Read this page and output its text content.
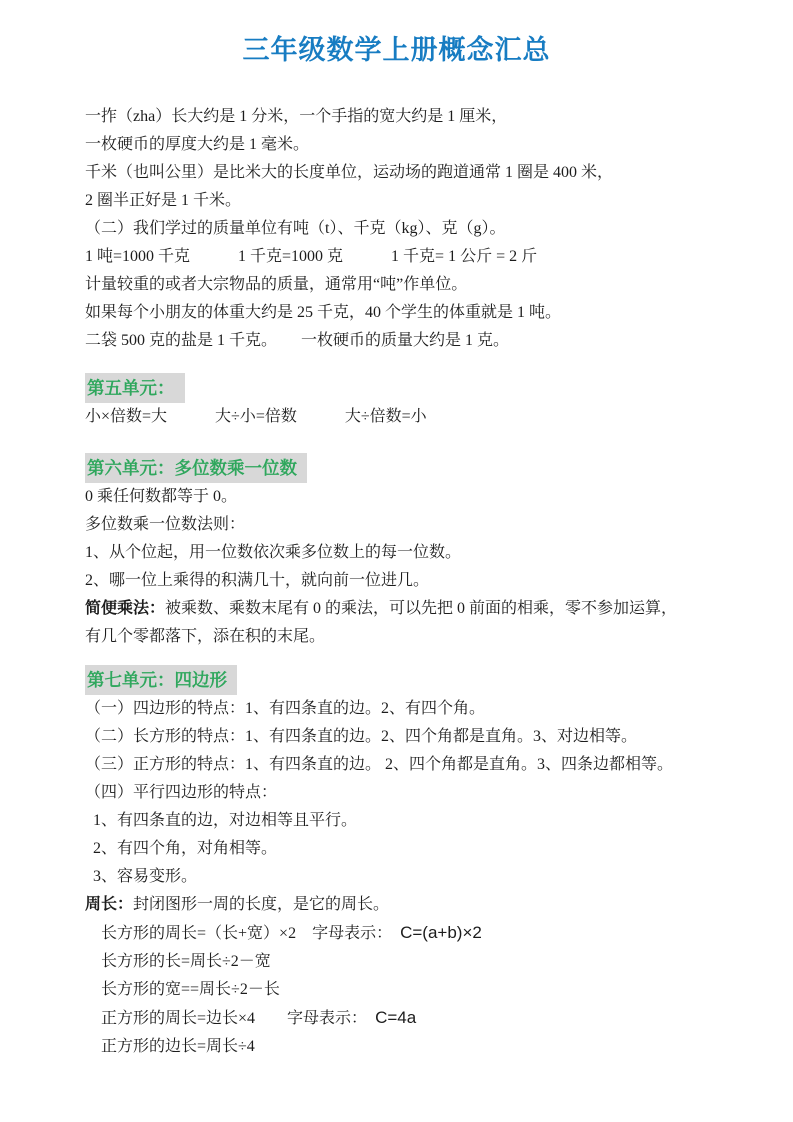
三年级数学上册概念汇总

一拃（zha）长大约是 1 分米，一个手指的宽大约是 1 厘米，

一枚硬币的厚度大约是 1 毫米。

千米（也叫公里）是比米大的长度单位，运动场的跑道通常 1 圈是 400 米，

2 圈半正好是 1 千米。

（二）我们学过的质量单位有吨（t）、千克（kg）、克（g）。

1 吨=1000 千克　　　1 千克=1000 克　　　1 千克= 1 公斤 = 2 斤

计量较重的或者大宗物品的质量，通常用“吨”作单位。

如果每个小朋友的体重大约是 25 千克，40 个学生的体重就是 1 吨。

二袋 500 克的盐是 1 千克。　　一枚硬币的质量大约是 1 克。

第五单元：

小×倍数=大　　　大÷小=倍数　　　大÷倍数=小

第六单元：多位数乘一位数

0 乘任何数都等于 0。

多位数乘一位数法则：

1、从个位起，用一位数依次乘多位数上的每一位数。

2、哪一位上乘得的积满几十，就向前一位进几。

简便乘法：被乘数、乘数末尾有 0 的乘法，可以先把 0 前面的相乘，零不参加运算，

有几个零都落下，添在积的末尾。

第七单元：四边形

（一）四边形的特点：1、有四条直的边。2、有四个角。

（二）长方形的特点：1、有四条直的边。2、四个角都是直角。3、对边相等。

（三）正方形的特点：1、有四条直的边。 2、四个角都是直角。3、四条边都相等。

（四）平行四边形的特点：

1、有四条直的边，对边相等且平行。

2、有四个角，对角相等。

3、容易变形。

周长：封闭图形一周的长度，是它的周长。

长方形的周长=（长+宽）×2　字母表示：　C=(a+b)×2

长方形的长=周长÷2－宽

长方形的宽==周长÷2－长

正方形的周长=边长×4　　字母表示：　C=4a

正方形的边长=周长÷4
